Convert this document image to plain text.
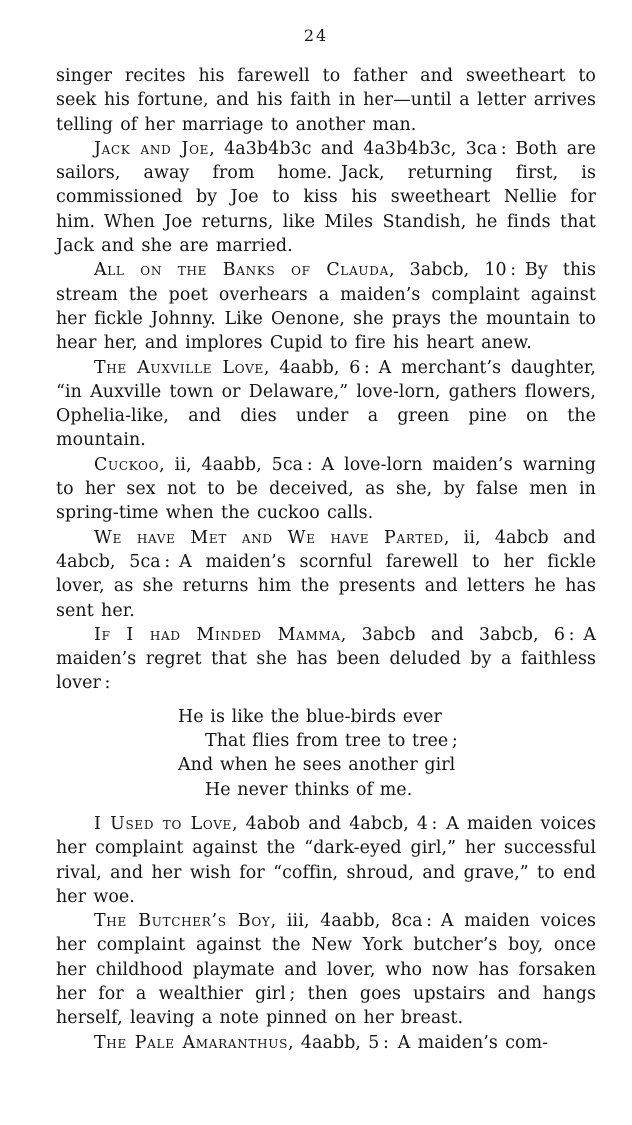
24

singer recites his farewell to father and sweetheart to seek his fortune, and his faith in her—until a letter arrives telling of her marriage to another man.

Jack and Joe, 4a3b4b3c and 4a3b4b3c, 3ca : Both are sailors, away from home. Jack, returning first, is commissioned by Joe to kiss his sweetheart Nellie for him. When Joe returns, like Miles Standish, he finds that Jack and she are married.

All on the Banks of Clauda, 3abcb, 10 : By this stream the poet overhears a maiden’s complaint against her fickle Johnny. Like Oenone, she prays the mountain to hear her, and implores Cupid to fire his heart anew.

The Auxville Love, 4aabb, 6 : A merchant’s daughter, “in Auxville town or Delaware,” love-lorn, gathers flowers, Ophelia-like, and dies under a green pine on the mountain.

Cuckoo, ii, 4aabb, 5ca : A love-lorn maiden’s warning to her sex not to be deceived, as she, by false men in spring-time when the cuckoo calls.

We have Met and We have Parted, ii, 4abcb and 4abcb, 5ca : A maiden’s scornful farewell to her fickle lover, as she returns him the presents and letters he has sent her.

If I had Minded Mamma, 3abcb and 3abcb, 6 : A maiden’s regret that she has been deluded by a faithless lover :

He is like the blue-birds ever

That flies from tree to tree ;

And when he sees another girl

He never thinks of me.

I Used to Love, 4abob and 4abcb, 4 : A maiden voices her complaint against the “dark-eyed girl,” her successful rival, and her wish for “coffin, shroud, and grave,” to end her woe.

The Butcher’s Boy, iii, 4aabb, 8ca : A maiden voices her complaint against the New York butcher’s boy, once her childhood playmate and lover, who now has forsaken her for a wealthier girl ; then goes upstairs and hangs herself, leaving a note pinned on her breast.

The Pale Amaranthus, 4aabb, 5 : A maiden’s com-
